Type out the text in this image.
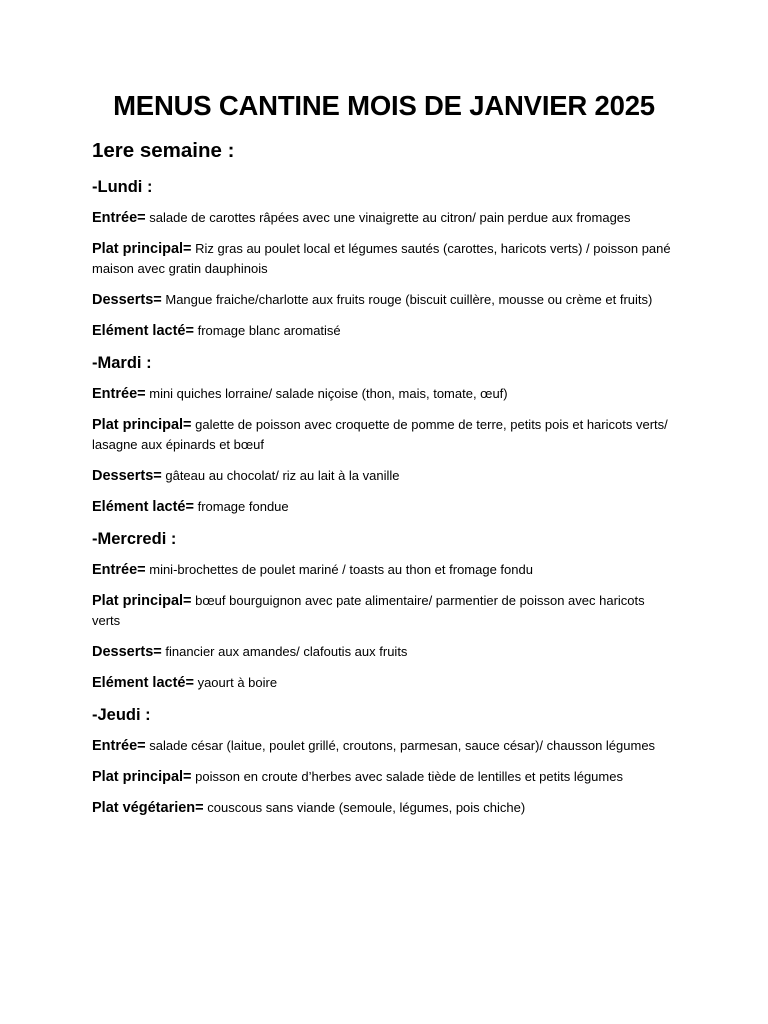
MENUS CANTINE MOIS DE JANVIER 2025
1ere semaine :
-Lundi :

Entrée= salade de carottes râpées avec une vinaigrette au citron/ pain perdue aux fromages

Plat principal= Riz gras au poulet local et légumes sautés (carottes, haricots verts) / poisson pané maison avec gratin dauphinois

Desserts= Mangue fraiche/charlotte aux fruits rouge (biscuit cuillère, mousse ou crème et fruits)

Elément lacté= fromage blanc aromatisé

-Mardi :

Entrée= mini quiches lorraine/ salade niçoise (thon, mais, tomate, œuf)

Plat principal= galette de poisson avec croquette de pomme de terre, petits pois et haricots verts/ lasagne aux épinards et bœuf

Desserts= gâteau au chocolat/ riz au lait à la vanille

Elément lacté= fromage fondue

-Mercredi :

Entrée= mini-brochettes de poulet mariné / toasts au thon et fromage fondu

Plat principal= bœuf bourguignon avec pate alimentaire/ parmentier de poisson avec haricots verts

Desserts= financier aux amandes/ clafoutis aux fruits

Elément lacté= yaourt à boire

-Jeudi :

Entrée= salade césar (laitue, poulet grillé, croutons, parmesan, sauce césar)/ chausson légumes

Plat principal= poisson en croute d’herbes avec salade tiède de lentilles et petits légumes

Plat végétarien= couscous sans viande (semoule, légumes, pois chiche)
